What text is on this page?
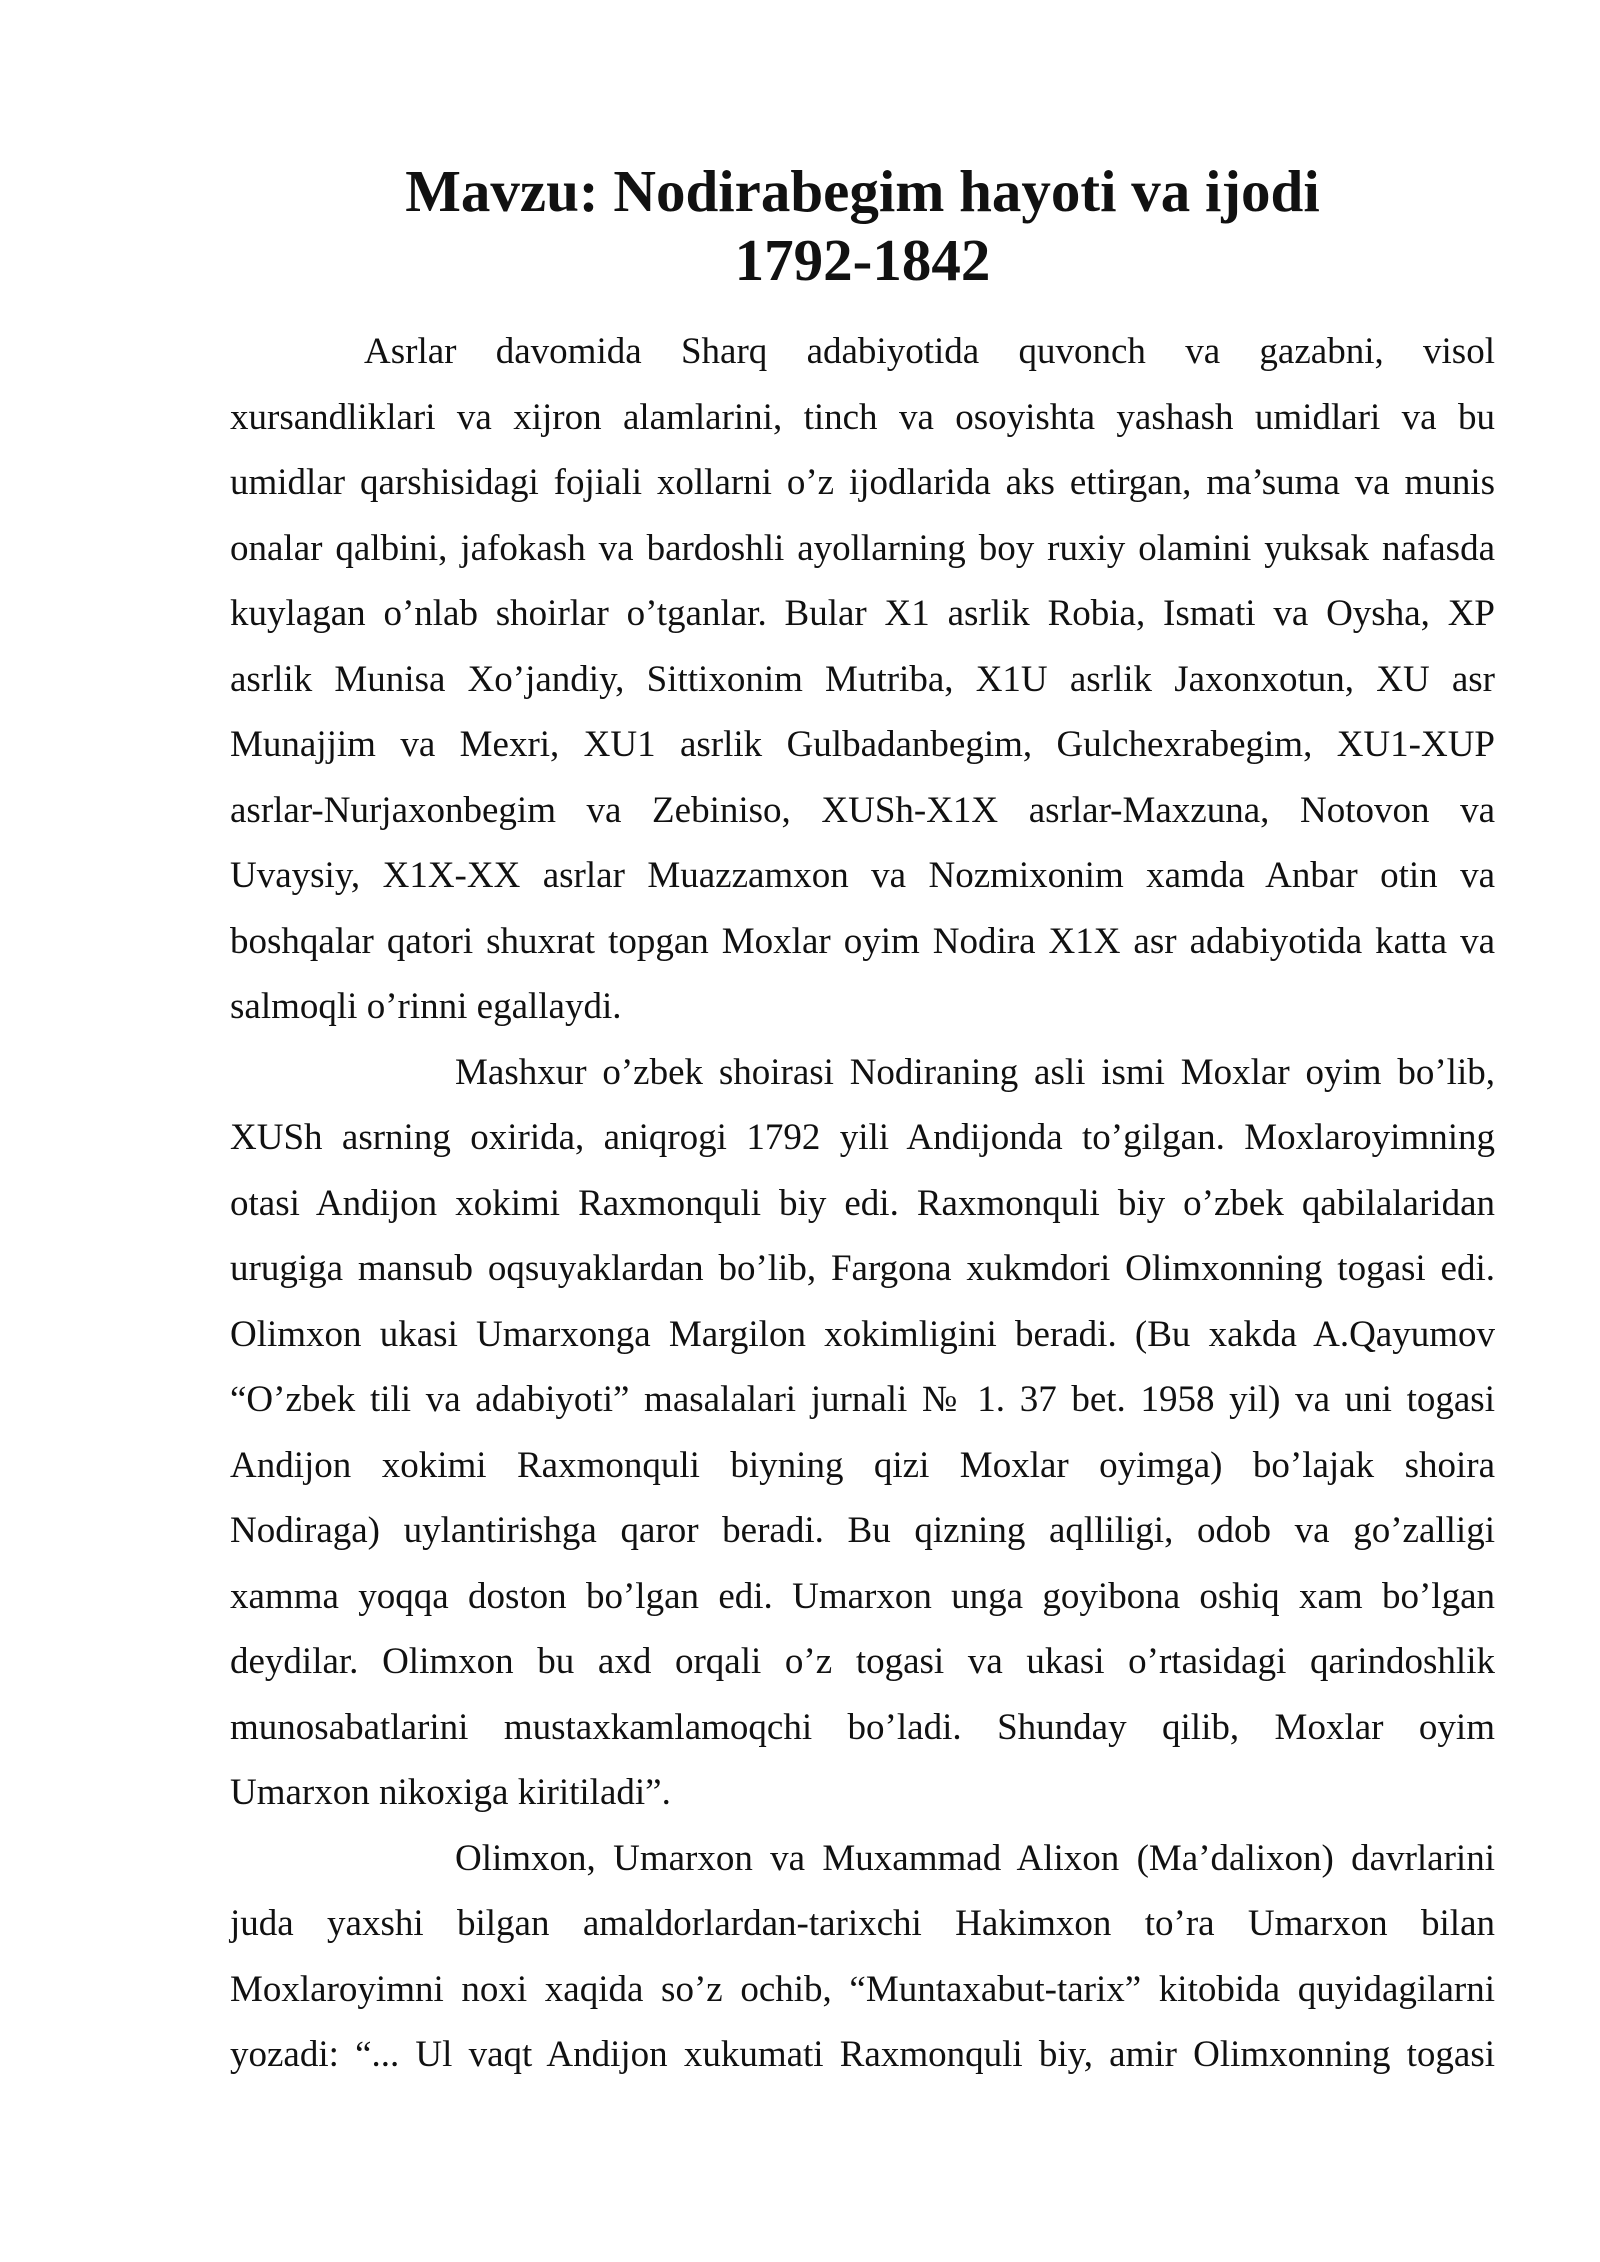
Mavzu: Nodirabegim hayoti va ijodi
1792-1842
Asrlar davomida Sharq adabiyotida quvonch va gazabni, visol
xursandliklari va xijron alamlarini, tinch va osoyishta yashash umidlari va bu
umidlar qarshisidagi fojiali xollarni o’z ijodlarida aks ettirgan, ma’suma va munis
onalar qalbini, jafokash va bardoshli ayollarning boy ruxiy olamini yuksak nafasda
kuylagan o’nlab shoirlar o’tganlar. Bular X1 asrlik Robia, Ismati va Oysha, XP
asrlik Munisa Xo’jandiy, Sittixonim Mutriba, X1U asrlik Jaxonxotun, XU asr
Munajjim va Mexri, XU1 asrlik Gulbadanbegim, Gulchexrabegim, XU1-XUP
asrlar-Nurjaxonbegim va Zebiniso, XUSh-X1X asrlar-Maxzuna, Notovon va
Uvaysiy, X1X-XX asrlar Muazzamxon va Nozmixonim xamda Anbar otin va
boshqalar qatori shuxrat topgan Moxlar oyim Nodira X1X asr adabiyotida katta va
salmoqli o’rinni egallaydi.
Mashxur o’zbek shoirasi Nodiraning asli ismi Moxlar oyim bo’lib,
XUSh asrning oxirida, aniqrogi 1792 yili Andijonda to’gilgan. Moxlaroyimning
otasi Andijon xokimi Raxmonquli biy edi. Raxmonquli biy o’zbek qabilalaridan
urugiga mansub oqsuyaklardan bo’lib, Fargona xukmdori Olimxonning togasi edi.
Olimxon ukasi Umarxonga Margilon xokimligini beradi. (Bu xakda A.Qayumov
“O’zbek tili va adabiyoti” masalalari jurnali № 1. 37 bet. 1958 yil) va uni togasi
Andijon xokimi Raxmonquli biyning qizi Moxlar oyimga) bo’lajak shoira
Nodiraga) uylantirishga qaror beradi. Bu qizning aqlliligi, odob va go’zalligi
xamma yoqqa doston bo’lgan edi. Umarxon unga goyibona oshiq xam bo’lgan
deydilar. Olimxon bu axd orqali o’z togasi va ukasi o’rtasidagi qarindoshlik
munosabatlarini mustaxkamlamoqchi bo’ladi. Shunday qilib, Moxlar oyim
Umarxon nikoxiga kiritiladi”.
Olimxon, Umarxon va Muxammad Alixon (Ma’dalixon) davrlarini
juda yaxshi bilgan amaldorlardan-tarixchi Hakimxon to’ra Umarxon bilan
Moxlaroyimni noxi xaqida so’z ochib, “Muntaxabut-tarix” kitobida quyidagilarni
yozadi: “... Ul vaqt Andijon xukumati Raxmonquli biy, amir Olimxonning togasi
